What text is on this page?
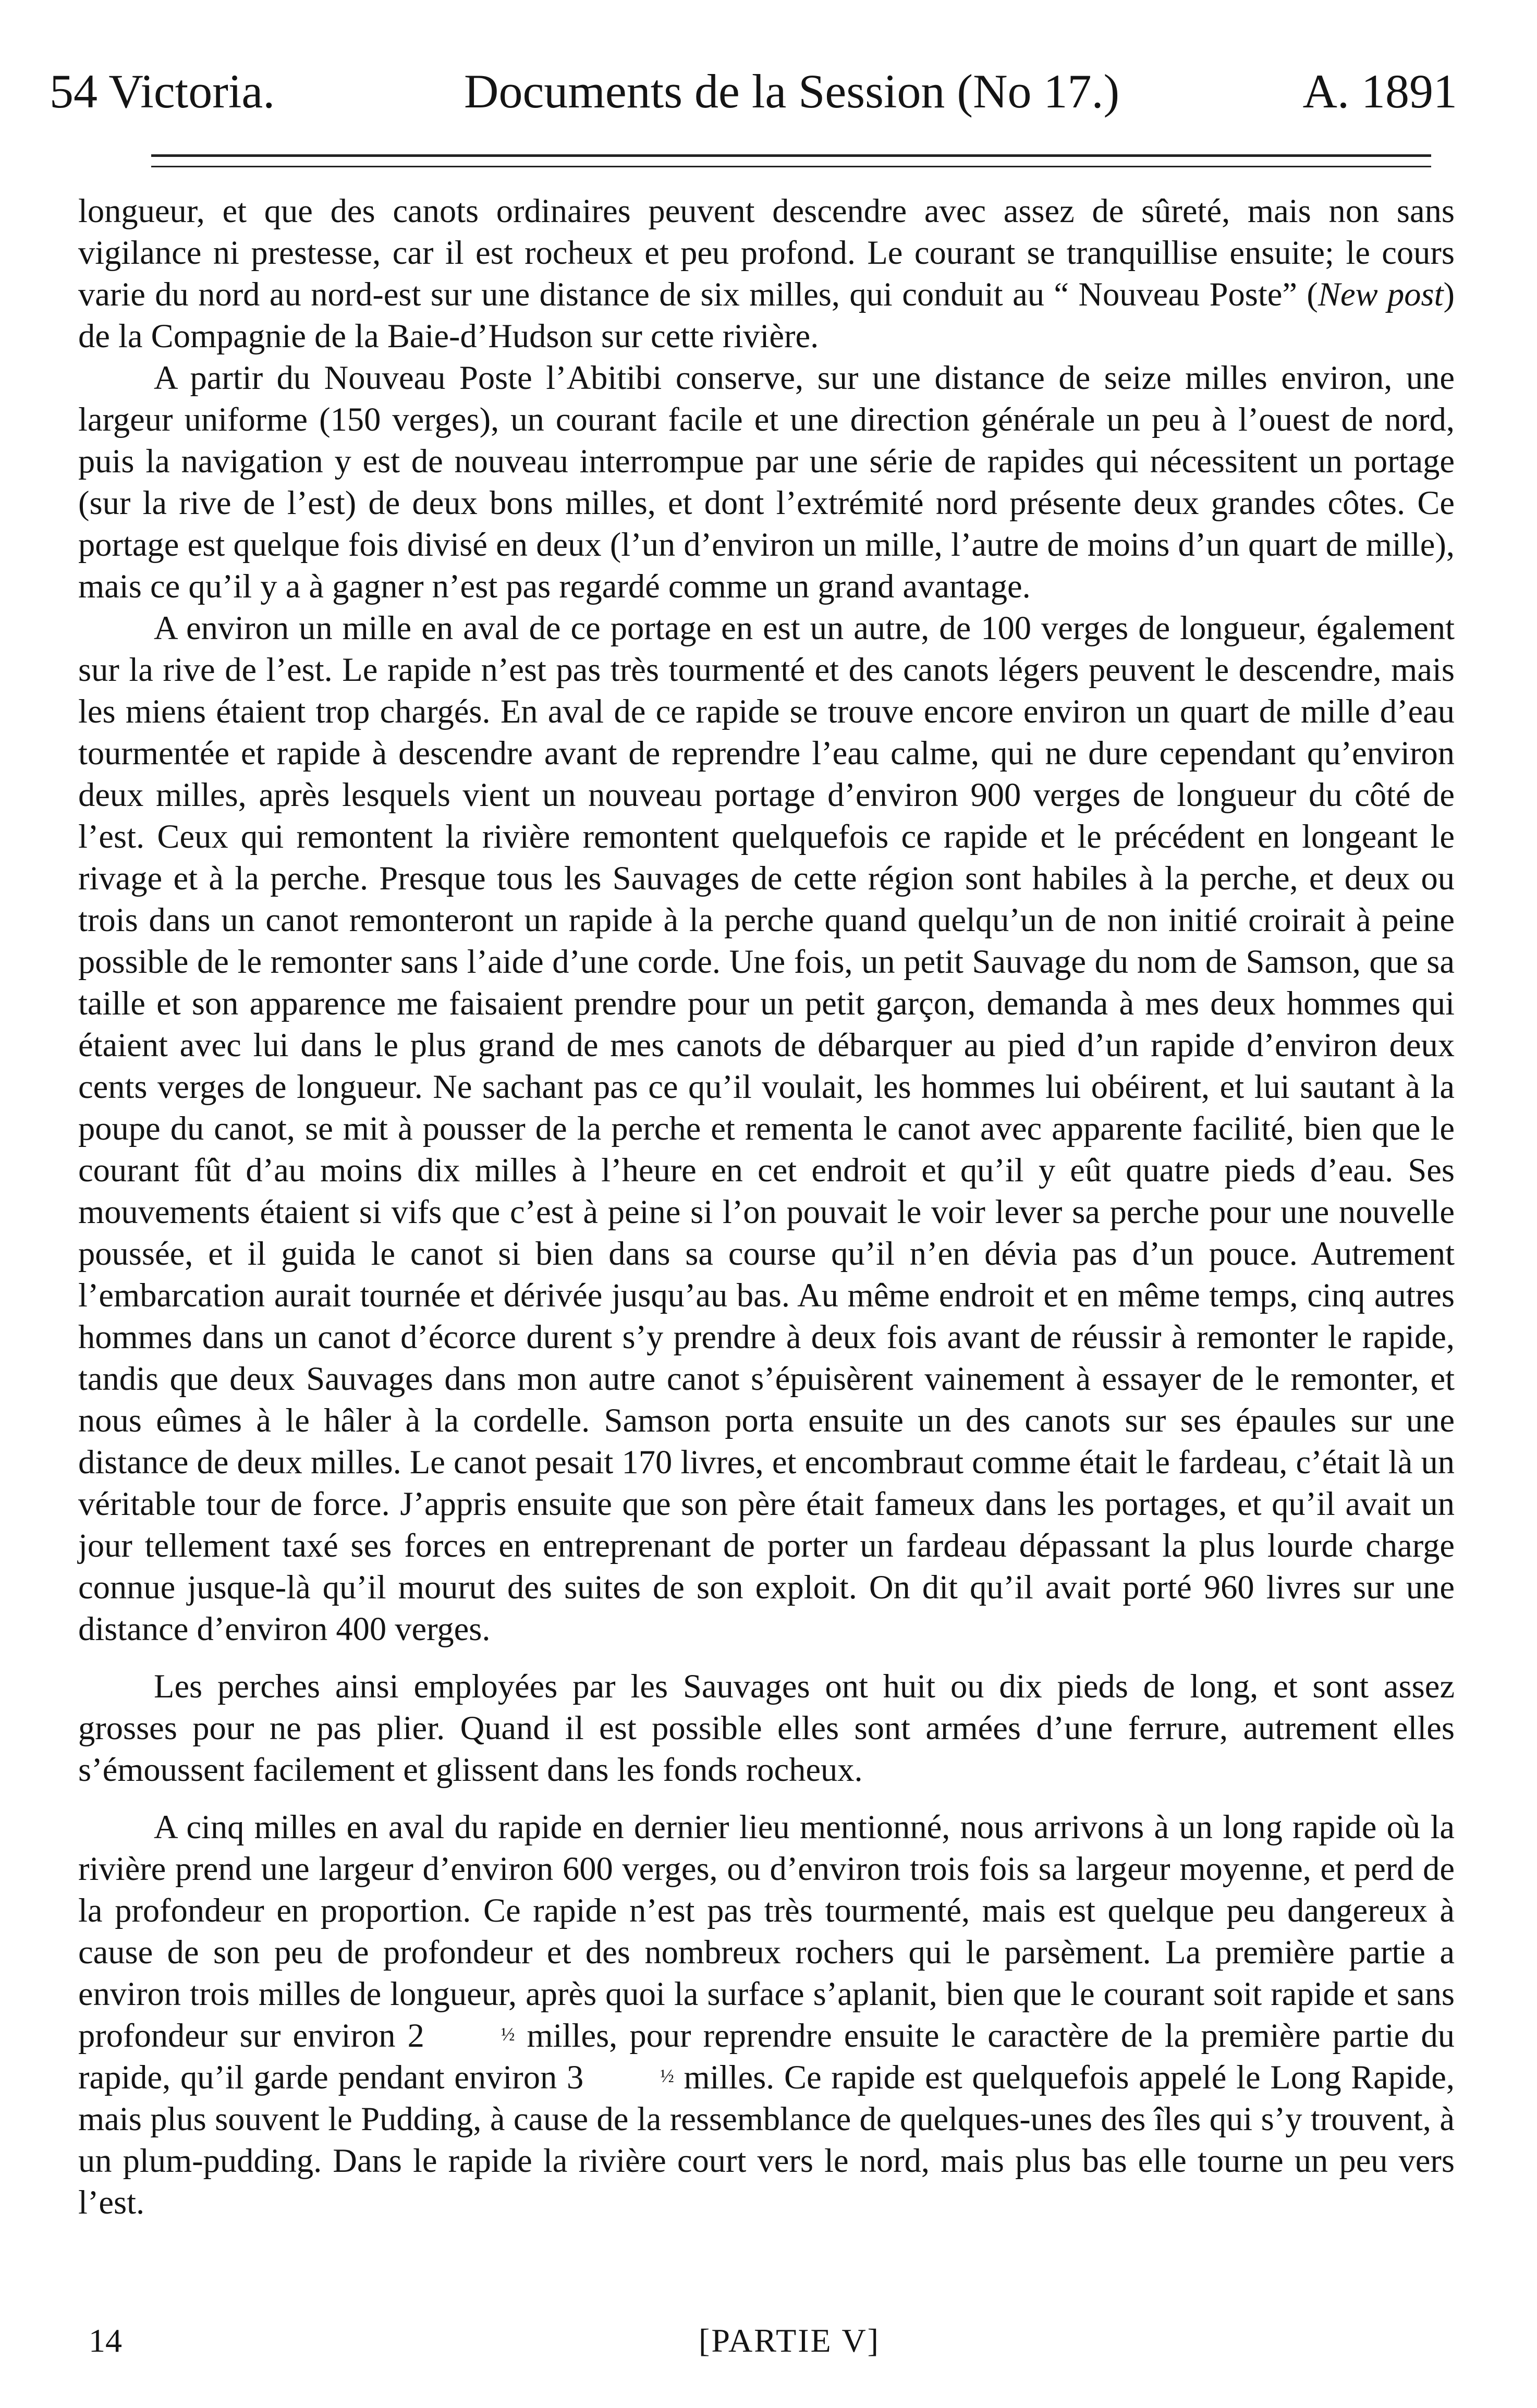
54 Victoria.	Documents de la Session (No 17.)	A. 1891

longueur, et que des canots ordinaires peuvent descendre avec assez de sûreté, mais non sans vigilance ni prestesse, car il est rocheux et peu profond. Le courant se tranquillise ensuite; le cours varie du nord au nord-est sur une distance de six milles, qui conduit au “ Nouveau Poste” (New post) de la Compagnie de la Baie-d’Hudson sur cette rivière.

A partir du Nouveau Poste l’Abitibi conserve, sur une distance de seize milles environ, une largeur uniforme (150 verges), un courant facile et une direction générale un peu à l’ouest de nord, puis la navigation y est de nouveau interrompue par une série de rapides qui nécessitent un portage (sur la rive de l’est) de deux bons milles, et dont l’extrémité nord présente deux grandes côtes. Ce portage est quelque fois divisé en deux (l’un d’environ un mille, l’autre de moins d’un quart de mille), mais ce qu’il y a à gagner n’est pas regardé comme un grand avantage.

A environ un mille en aval de ce portage en est un autre, de 100 verges de longueur, également sur la rive de l’est. Le rapide n’est pas très tourmenté et des canots légers peuvent le descendre, mais les miens étaient trop chargés. En aval de ce rapide se trouve encore environ un quart de mille d’eau tourmentée et rapide à descendre avant de reprendre l’eau calme, qui ne dure cependant qu’environ deux milles, après lesquels vient un nouveau portage d’environ 900 verges de longueur du côté de l’est. Ceux qui remontent la rivière remontent quelquefois ce rapide et le précédent en longeant le rivage et à la perche. Presque tous les Sauvages de cette région sont habiles à la perche, et deux ou trois dans un canot remonteront un rapide à la perche quand quelqu’un de non initié croirait à peine possible de le remonter sans l’aide d’une corde. Une fois, un petit Sauvage du nom de Samson, que sa taille et son apparence me faisaient prendre pour un petit garçon, demanda à mes deux hommes qui étaient avec lui dans le plus grand de mes canots de débarquer au pied d’un rapide d’environ deux cents verges de longueur. Ne sachant pas ce qu’il voulait, les hommes lui obéirent, et lui sautant à la poupe du canot, se mit à pousser de la perche et rementa le canot avec apparente facilité, bien que le courant fût d’au moins dix milles à l’heure en cet endroit et qu’il y eût quatre pieds d’eau. Ses mouvements étaient si vifs que c’est à peine si l’on pouvait le voir lever sa perche pour une nouvelle poussée, et il guida le canot si bien dans sa course qu’il n’en dévia pas d’un pouce. Autrement l’embarcation aurait tournée et dérivée jusqu’au bas. Au même endroit et en même temps, cinq autres hommes dans un canot d’écorce durent s’y prendre à deux fois avant de réussir à remonter le rapide, tandis que deux Sauvages dans mon autre canot s’épuisèrent vainement à essayer de le remonter, et nous eûmes à le hâler à la cordelle. Samson porta ensuite un des canots sur ses épaules sur une distance de deux milles. Le canot pesait 170 livres, et encombraut comme était le fardeau, c’était là un véritable tour de force. J’appris ensuite que son père était fameux dans les portages, et qu’il avait un jour tellement taxé ses forces en entreprenant de porter un fardeau dépassant la plus lourde charge connue jusque-là qu’il mourut des suites de son exploit. On dit qu’il avait porté 960 livres sur une distance d’environ 400 verges.

Les perches ainsi employées par les Sauvages ont huit ou dix pieds de long, et sont assez grosses pour ne pas plier. Quand il est possible elles sont armées d’une ferrure, autrement elles s’émoussent facilement et glissent dans les fonds rocheux.

A cinq milles en aval du rapide en dernier lieu mentionné, nous arrivons à un long rapide où la rivière prend une largeur d’environ 600 verges, ou d’environ trois fois sa largeur moyenne, et perd de la profondeur en proportion. Ce rapide n’est pas très tourmenté, mais est quelque peu dangereux à cause de son peu de profondeur et des nombreux rochers qui le parsèment. La première partie a environ trois milles de longueur, après quoi la surface s’aplanit, bien que le courant soit rapide et sans profondeur sur environ 2	½ milles, pour reprendre ensuite le caractère de la première partie du rapide, qu’il garde pendant environ 3	½ milles. Ce rapide est quelquefois appelé le Long Rapide, mais plus souvent le Pudding, à cause de la ressemblance de quelques-unes des îles qui s’y trouvent, à un plum-pudding. Dans le rapide la rivière court vers le nord, mais plus bas elle tourne un peu vers l’est.

14	[PARTIE V]
